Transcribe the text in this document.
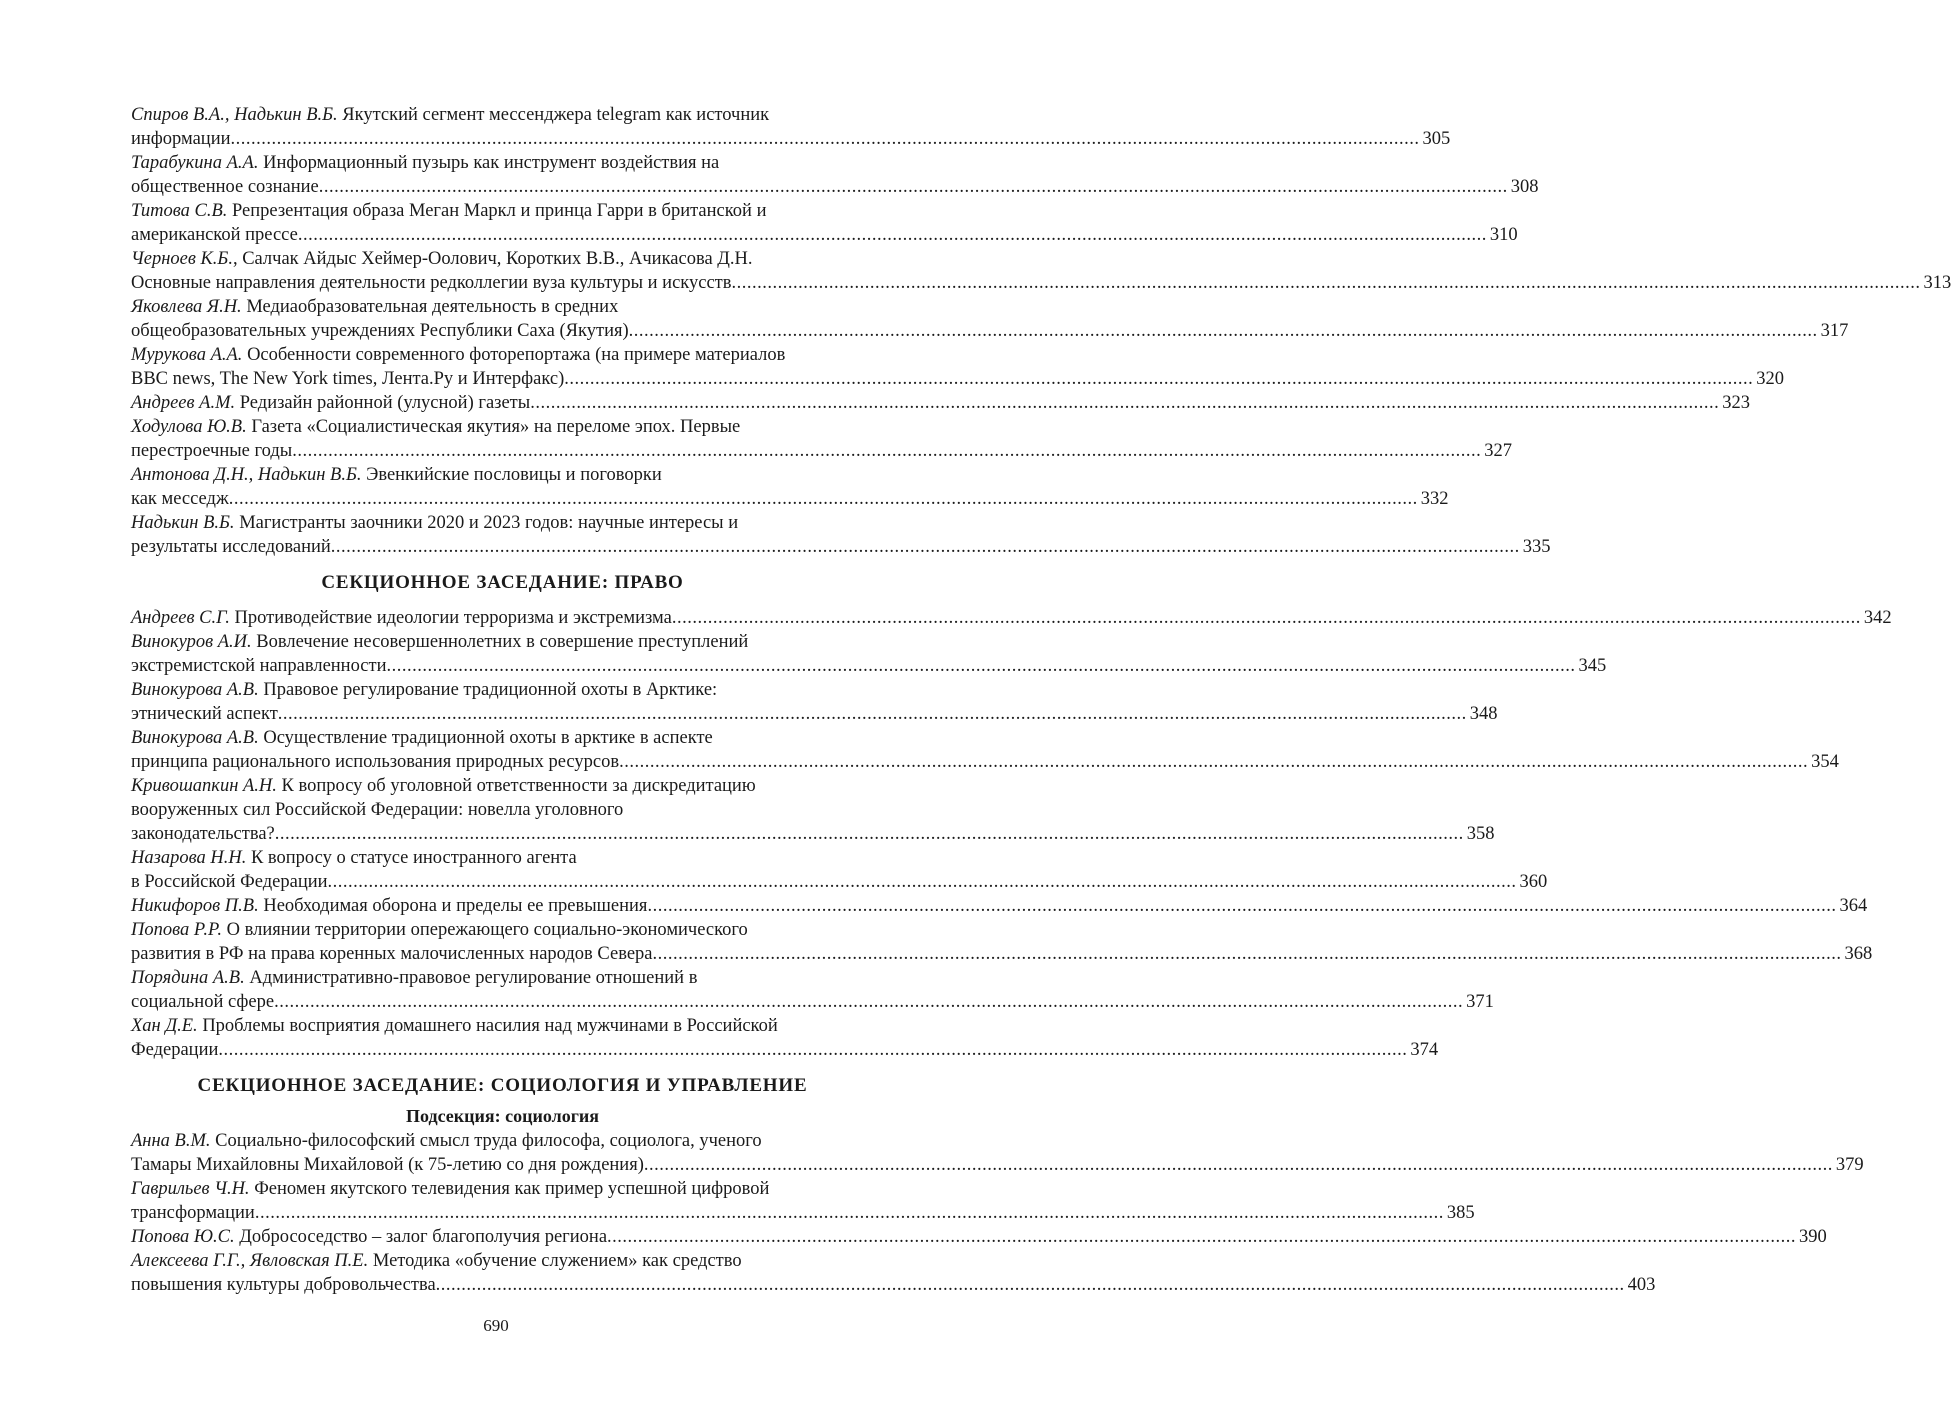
Спиров В.А., Надькин В.Б. Якутский сегмент мессенджера telegram как источник
информации .....	305
Тарабукина А.А. Информационный пузырь как инструмент воздействия на
общественное сознание .....	308
Титова С.В. Репрезентация образа Меган Маркл и принца Гарри в британской и
американской прессе .....	310
Черноев К.Б., Салчак Айдыс Хеймер-Оолович, Коротких В.В., Ачикасова Д.Н.
Основные направления деятельности редколлегии вуза культуры и искусств .....	313
Яковлева Я.Н. Медиаобразовательная деятельность в средних
общеобразовательных учреждениях Республики Саха (Якутия) .....	317
Мурукова А.А. Особенности современного фоторепортажа (на примере материалов
BBC news, The New York times, Лента.Ру и Интерфакс) .....	320
Андреев А.М. Редизайн районной (улусной) газеты .....	323
Ходулова Ю.В. Газета «Социалистическая якутия» на переломе эпох. Первые
перестроечные годы .....	327
Антонова Д.Н., Надькин В.Б. Эвенкийские пословицы и поговорки
как месседж .....	332
Надькин В.Б. Магистранты заочники 2020 и 2023 годов: научные интересы и
результаты исследований .....	335
СЕКЦИОННОЕ ЗАСЕДАНИЕ: ПРАВО
Андреев С.Г. Противодействие идеологии терроризма и экстремизма .....	342
Винокуров А.И. Вовлечение несовершеннолетних в совершение преступлений
экстремистской направленности .....	345
Винокурова А.В. Правовое регулирование традиционной охоты в Арктике:
этнический аспект .....	348
Винокурова А.В. Осуществление традиционной охоты в арктике в аспекте
принципа рационального использования природных ресурсов .....	354
Кривошапкин А.Н. К вопросу об уголовной ответственности за дискредитацию
вооруженных сил Российской Федерации: новелла уголовного
законодательства? .....	358
Назарова Н.Н. К вопросу о статусе иностранного агента
в Российской Федерации .....	360
Никифоров П.В. Необходимая оборона и пределы ее превышения .....	364
Попова Р.Р. О влиянии территории опережающего социально-экономического
развития в РФ на права коренных малочисленных народов Севера .....	368
Порядина А.В. Административно-правовое регулирование отношений в
социальной сфере .....	371
Хан Д.Е. Проблемы восприятия домашнего насилия над мужчинами в Российской
Федерации .....	374
СЕКЦИОННОЕ ЗАСЕДАНИЕ: СОЦИОЛОГИЯ И УПРАВЛЕНИЕ
Подсекция: социология
Анна В.М. Социально-философский смысл труда философа, социолога, ученого
Тамары Михайловны Михайловой (к 75-летию со дня рождения) .....	379
Гаврильев Ч.Н. Феномен якутского телевидения как пример успешной цифровой
трансформации .....	385
Попова Ю.С. Добрососедство – залог благополучия региона .....	390
Алексеева Г.Г., Явловская П.Е. Методика «обучение служением» как средство
повышения культуры добровольчества .....	403
690
